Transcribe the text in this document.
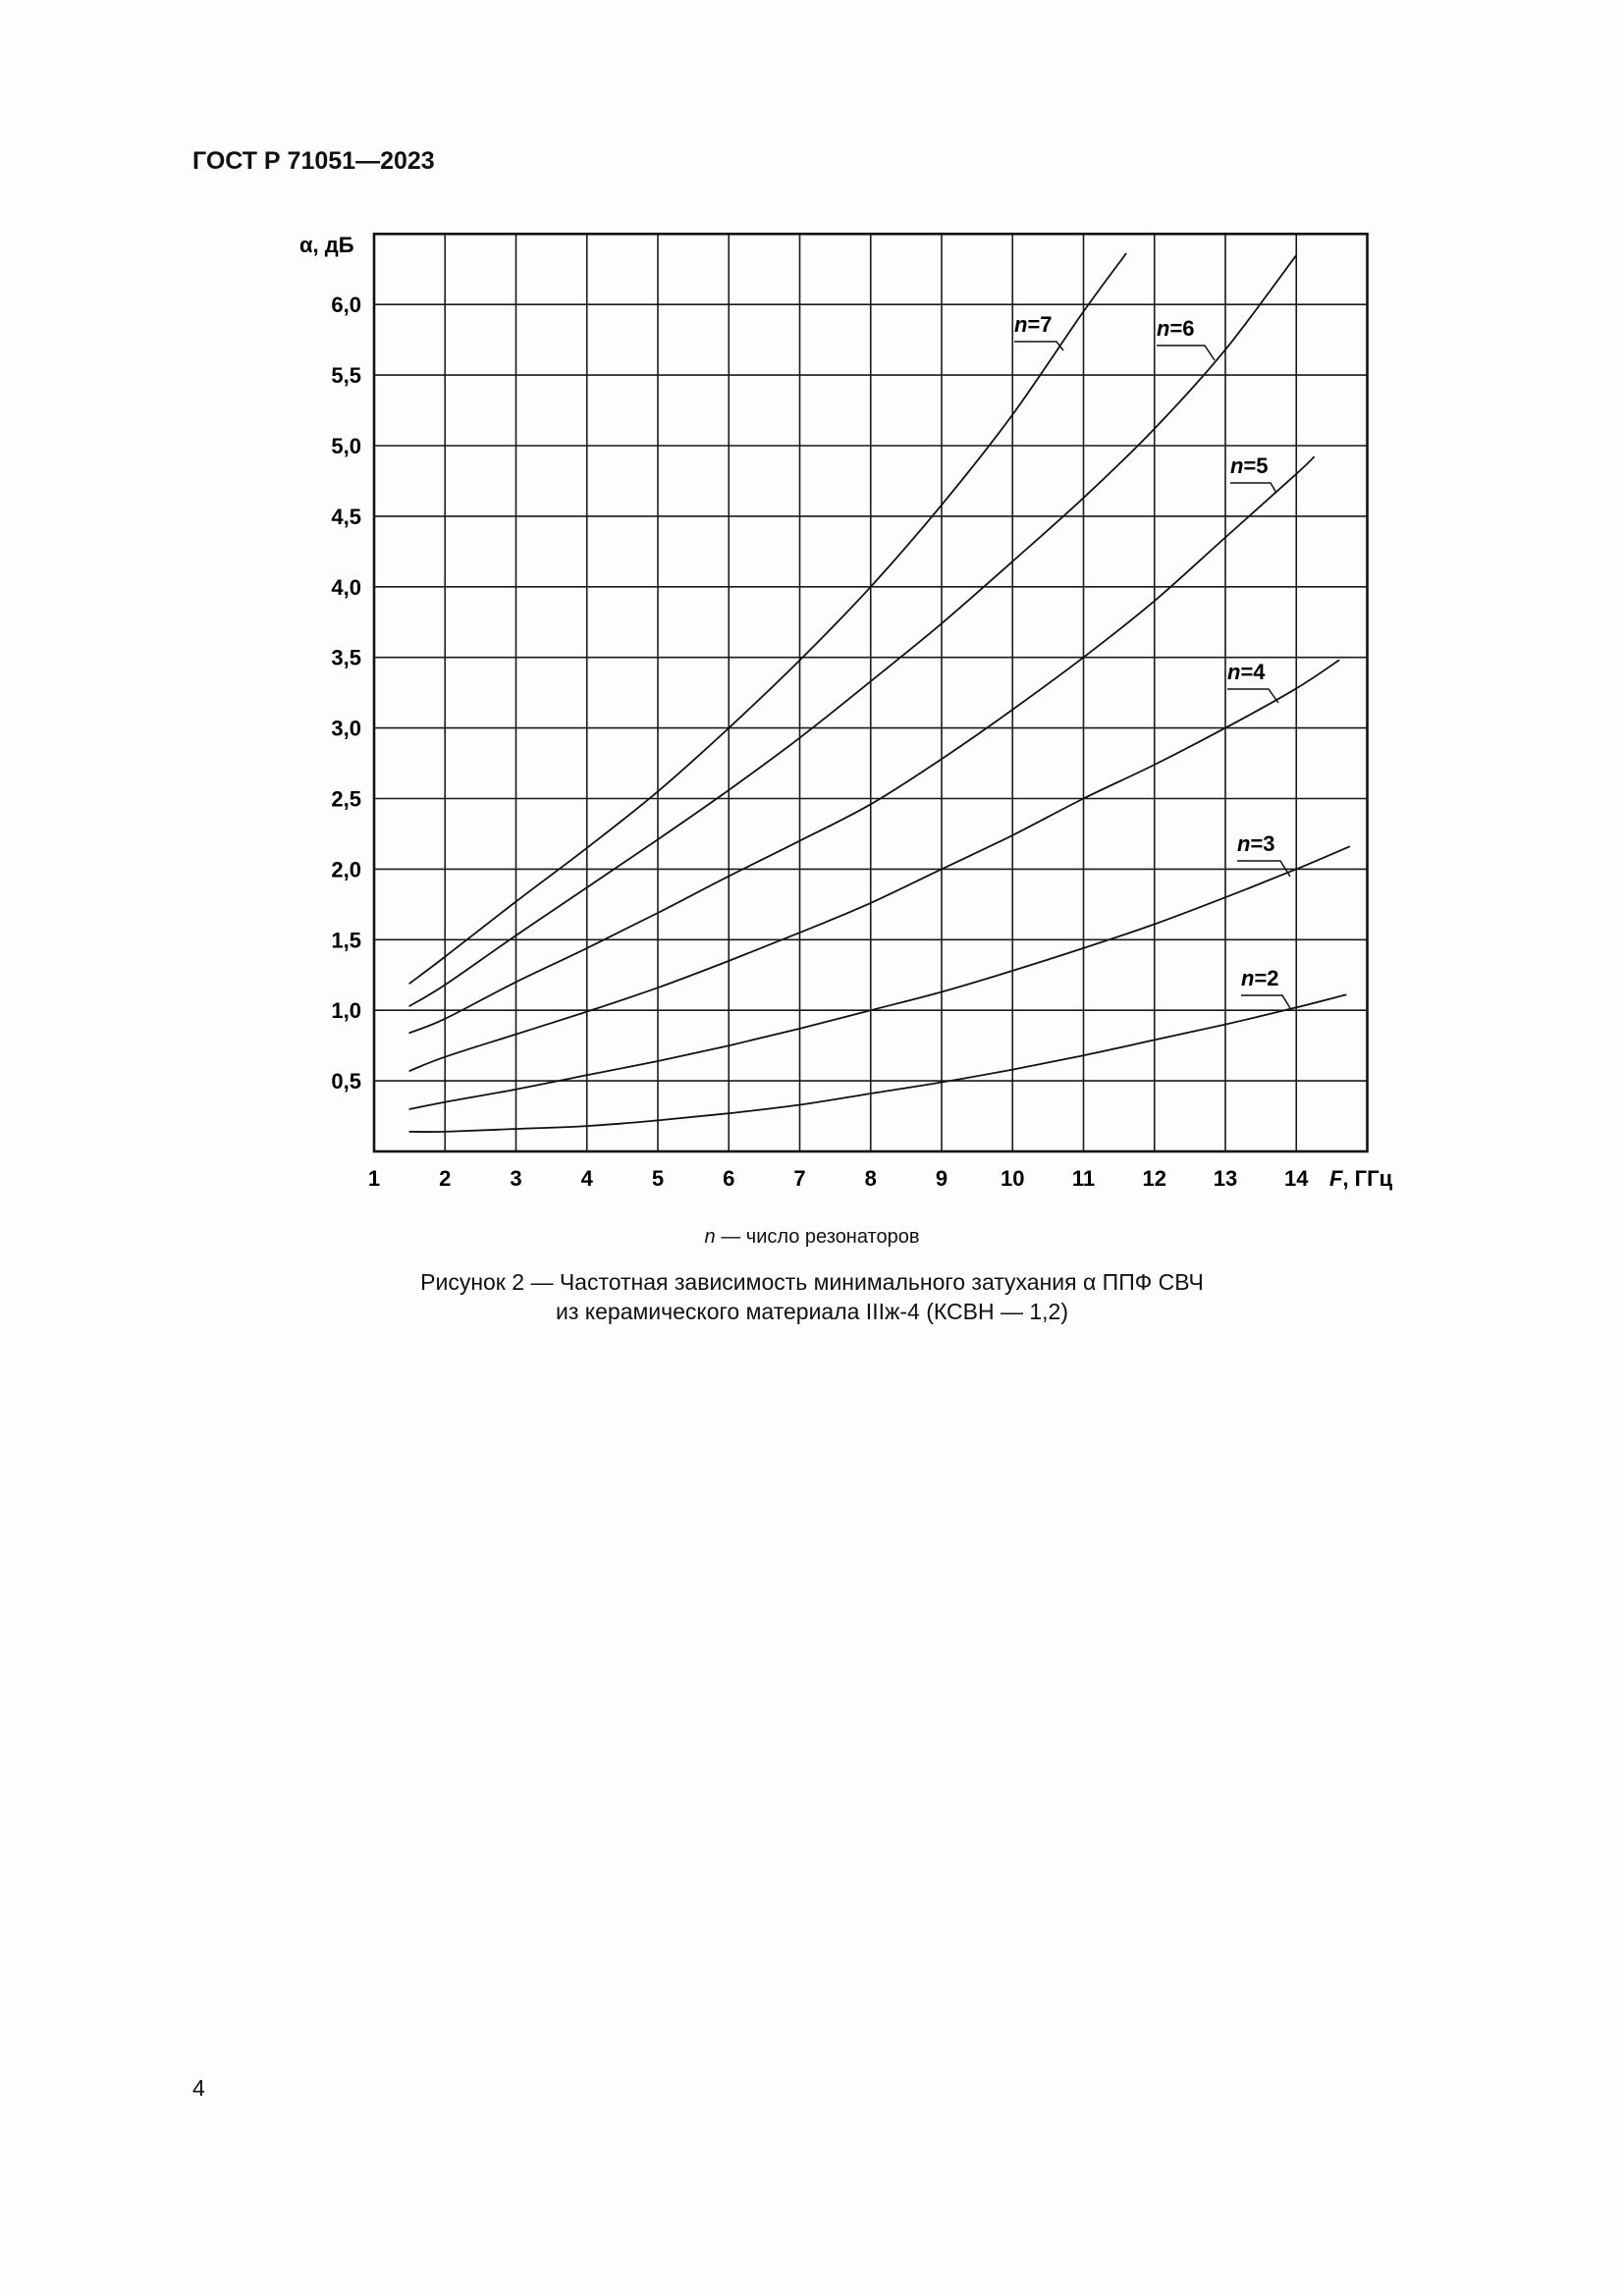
ГОСТ Р 71051—2023
n=2
n=3
n=4
n=5
n=6
n=7
1	2	3	4	5	6	7	8	9 10 11 12 13 14
0,5
1,0
1,5
2,0
2,5
3,0
3,5
4,0
4,5
5,0
5,5
6,0
α, дБ
F, ГГц
n — число резонаторов
Рисунок 2 — Частотная зависимость минимального затухания α ППФ СВЧ
из керамического материала IIIж-4 (КСВН — 1,2)
4
